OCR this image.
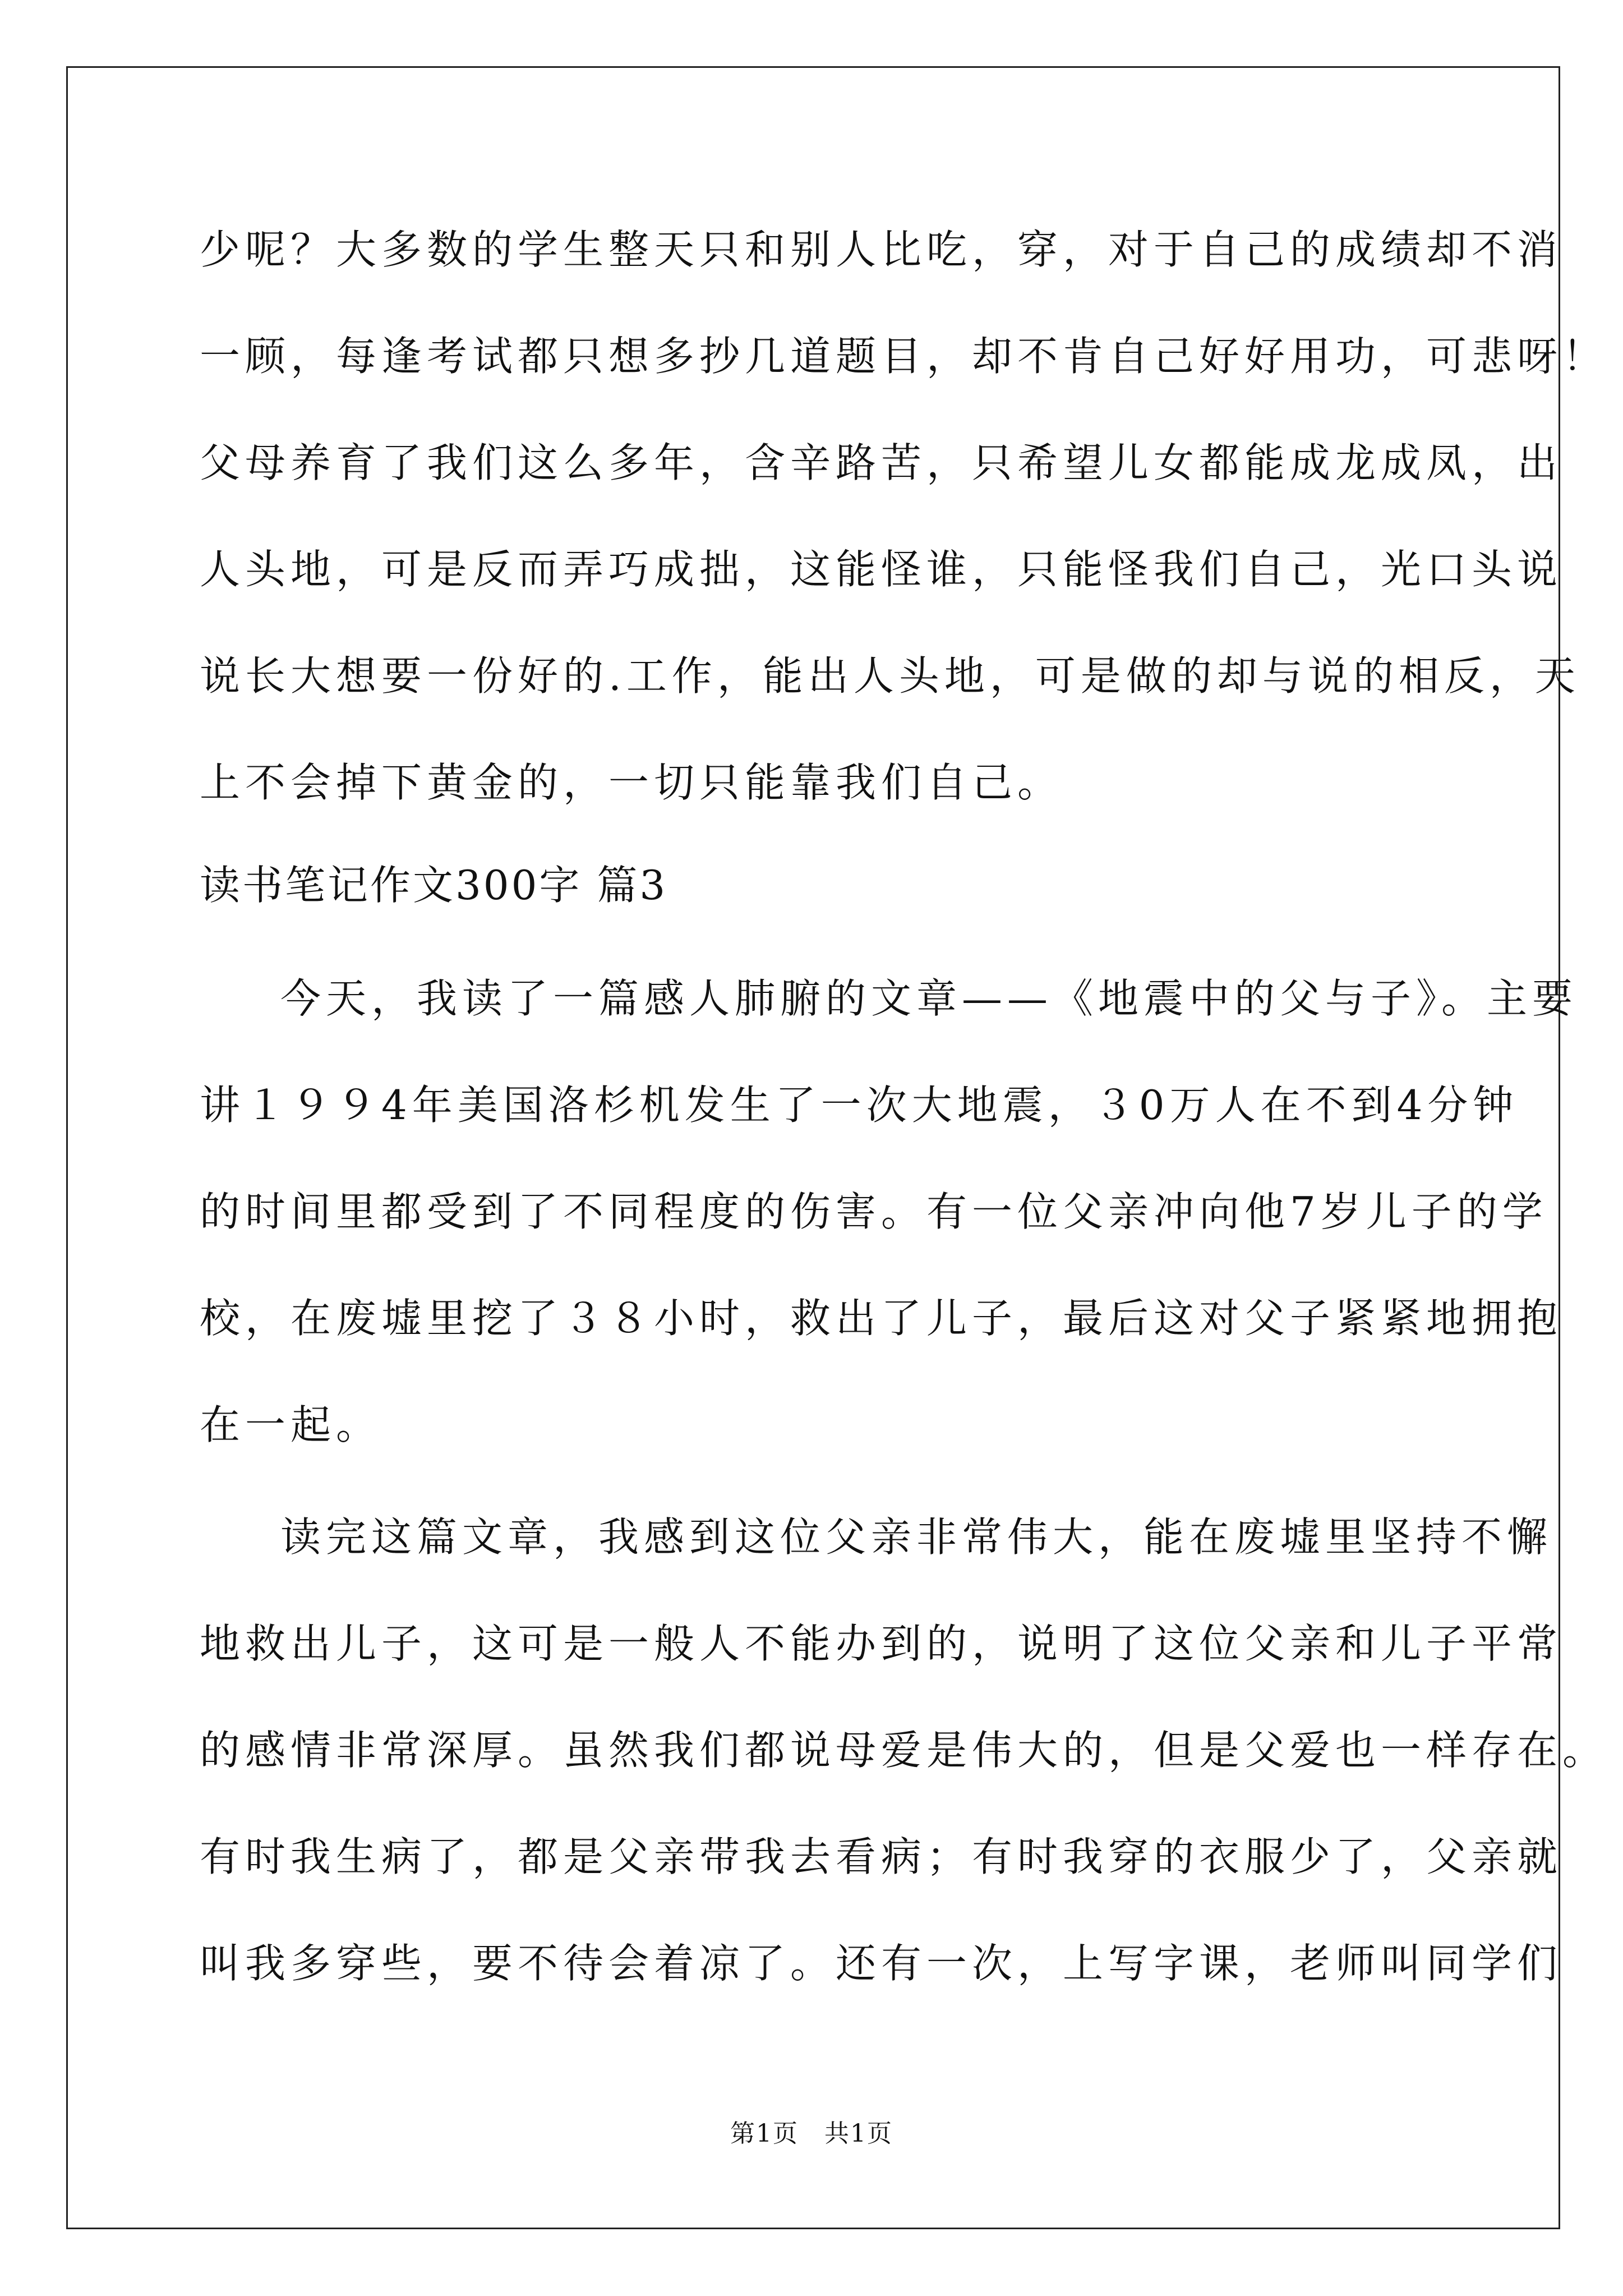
少呢？大多数的学生整天只和别人比吃，穿，对于自己的成绩却不消
一顾，每逢考试都只想多抄几道题目，却不肯自己好好用功，可悲呀！
父母养育了我们这么多年，含辛路苦，只希望儿女都能成龙成凤，出
人头地，可是反而弄巧成拙，这能怪谁，只能怪我们自己，光口头说
说长大想要一份好的.工作，能出人头地，可是做的却与说的相反，天
上不会掉下黄金的，一切只能靠我们自己。
读书笔记作文300字 篇3
今天，我读了一篇感人肺腑的文章——《地震中的父与子》。主要
讲１９９4年美国洛杉机发生了一次大地震，３0万人在不到4分钟
的时间里都受到了不同程度的伤害。有一位父亲冲向他7岁儿子的学
校，在废墟里挖了３８小时，救出了儿子，最后这对父子紧紧地拥抱
在一起。
读完这篇文章，我感到这位父亲非常伟大，能在废墟里坚持不懈
地救出儿子，这可是一般人不能办到的，说明了这位父亲和儿子平常
的感情非常深厚。虽然我们都说母爱是伟大的，但是父爱也一样存在。
有时我生病了，都是父亲带我去看病；有时我穿的衣服少了，父亲就
叫我多穿些，要不待会着凉了。还有一次，上写字课，老师叫同学们
第1页　共1页
